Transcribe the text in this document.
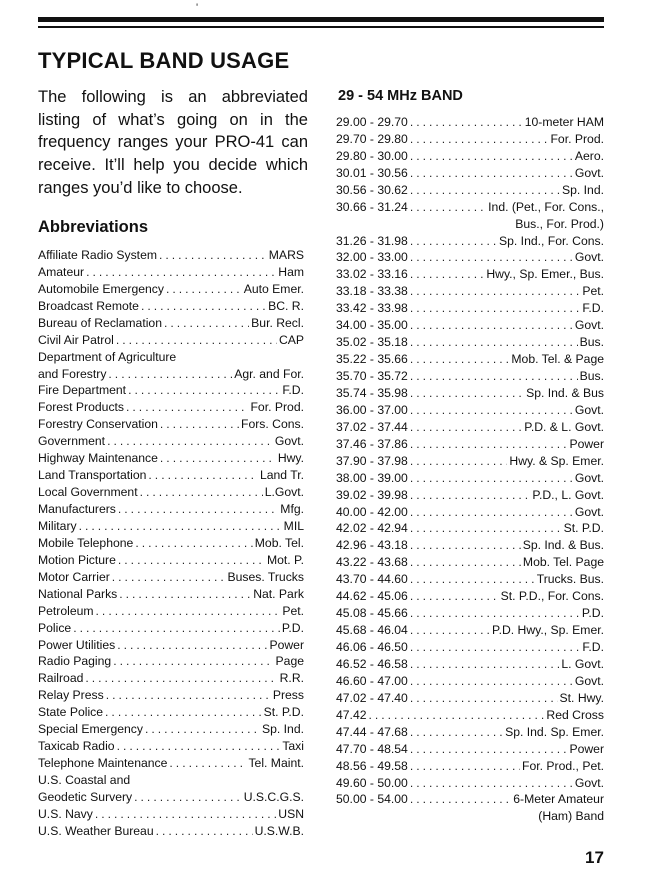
'
TYPICAL BAND USAGE

The following is an abbreviated listing of what’s going on in the frequency ranges your PRO-41 can receive. It’ll help you decide which ranges you’d like to choose.

Abbreviations
Affiliate Radio System .....	MARS
Amateur .....	Ham
Automobile Emergency .....	Auto Emer.
Broadcast Remote .....	BC. R.
Bureau of Reclamation .....	Bur. Recl.
Civil Air Patrol .....	CAP
Department of Agriculture
and Forestry .....	Agr. and For.
Fire Department .....	F.D.
Forest Products .....	For. Prod.
Forestry Conservation .....	Fors. Cons.
Government .....	Govt.
Highway Maintenance .....	Hwy.
Land Transportation .....	Land Tr.
Local Government .....	L.Govt.
Manufacturers .....	Mfg.
Military .....	MIL
Mobile Telephone .....	Mob. Tel.
Motion Picture .....	Mot. P.
Motor Carrier .....	Buses. Trucks
National Parks .....	Nat. Park
Petroleum .....	Pet.
Police .....	P.D.
Power Utilities .....	Power
Radio Paging .....	Page
Railroad .....	R.R.
Relay Press .....	Press
State Police .....	St. P.D.
Special Emergency .....	Sp. Ind.
Taxicab Radio .....	Taxi
Telephone Maintenance .....	Tel. Maint.
U.S. Coastal and
Geodetic Survery .....	U.S.C.G.S.
U.S. Navy .....	USN
U.S. Weather Bureau .....	U.S.W.B.
29 - 54 MHz BAND
29.00 - 29.70 .....	10-meter HAM
29.70 - 29.80 .....	For. Prod.
29.80 - 30.00 .....	Aero.
30.01 - 30.56 .....	Govt.
30.56 - 30.62 .....	Sp. Ind.
30.66 - 31.24 .....	Ind. (Pet., For. Cons.,
Bus., For. Prod.)
31.26 - 31.98 .....	Sp. Ind., For. Cons.
32.00 - 33.00 .....	Govt.
33.02 - 33.16 .....	Hwy., Sp. Emer., Bus.
33.18 - 33.38 .....	Pet.
33.42 - 33.98 .....	F.D.
34.00 - 35.00 .....	Govt.
35.02 - 35.18 .....	Bus.
35.22 - 35.66 .....	Mob. Tel. & Page
35.70 - 35.72 .....	Bus.
35.74 - 35.98 .....	Sp. Ind. & Bus
36.00 - 37.00 .....	Govt.
37.02 - 37.44 .....	P.D. & L. Govt.
37.46 - 37.86 .....	Power
37.90 - 37.98 .....	Hwy. & Sp. Emer.
38.00 - 39.00 .....	Govt.
39.02 - 39.98 .....	P.D., L. Govt.
40.00 - 42.00 .....	Govt.
42.02 - 42.94 .....	St. P.D.
42.96 - 43.18 .....	Sp. Ind. & Bus.
43.22 - 43.68 .....	Mob. Tel. Page
43.70 - 44.60 .....	Trucks. Bus.
44.62 - 45.06 .....	St. P.D., For. Cons.
45.08 - 45.66 .....	P.D.
45.68 - 46.04 .....	P.D. Hwy., Sp. Emer.
46.06 - 46.50 .....	F.D.
46.52 - 46.58 .....	L. Govt.
46.60 - 47.00 .....	Govt.
47.02 - 47.40 .....	St. Hwy.
47.42 .....	Red Cross
47.44 - 47.68 .....	Sp. Ind. Sp. Emer.
47.70 - 48.54 .....	Power
48.56 - 49.58 .....	For. Prod., Pet.
49.60 - 50.00 .....	Govt.
50.00 - 54.00 .....	6-Meter Amateur
(Ham) Band
17
